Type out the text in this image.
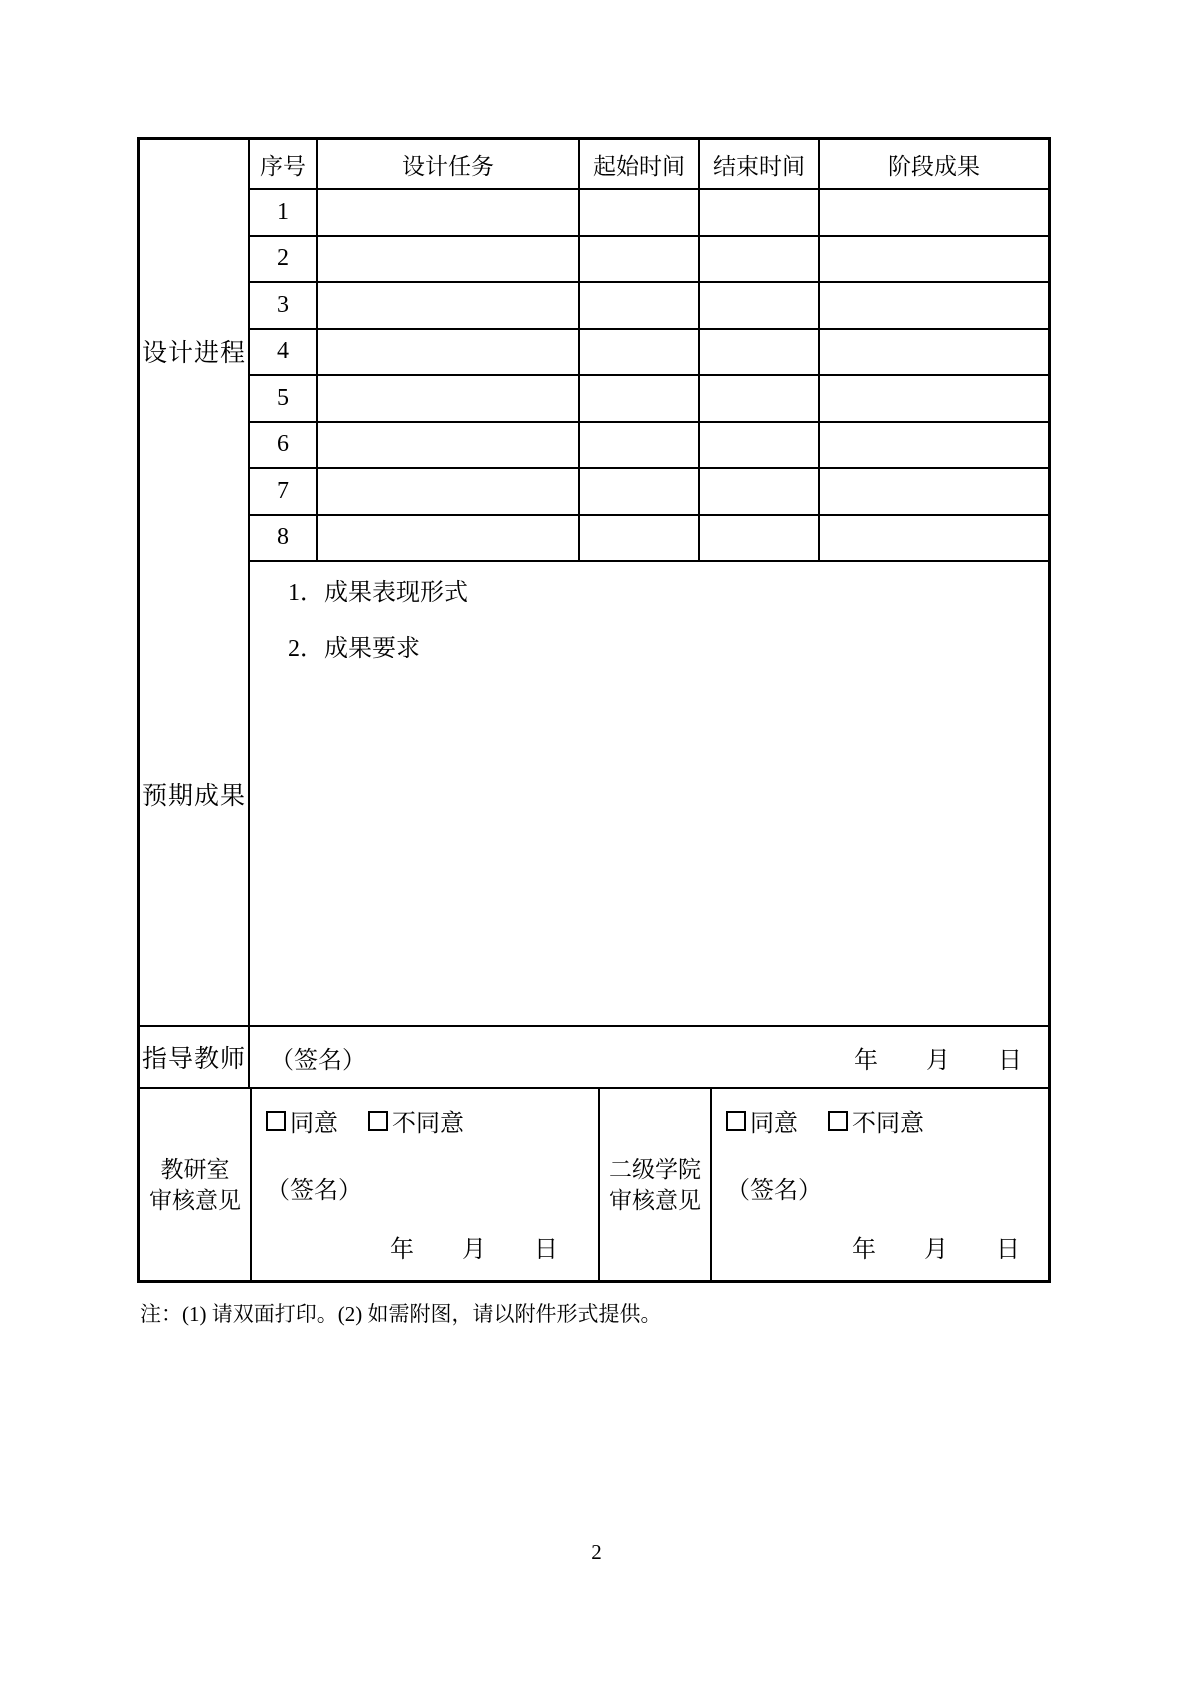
设计进程
序号	设计任务	起始时间	结束时间	阶段成果
1
2
3
4
5
6
7
8
预期成果
1．成果表现形式
2．成果要求
指导教师	（签名）	年　　月　　日
教研室
审核意见
同意 不同意
（签名）
年　　月　　日
二级学院
审核意见
同意 不同意
（签名）
年　　月　　日
注：(1) 请双面打印。(2) 如需附图，请以附件形式提供。
2
